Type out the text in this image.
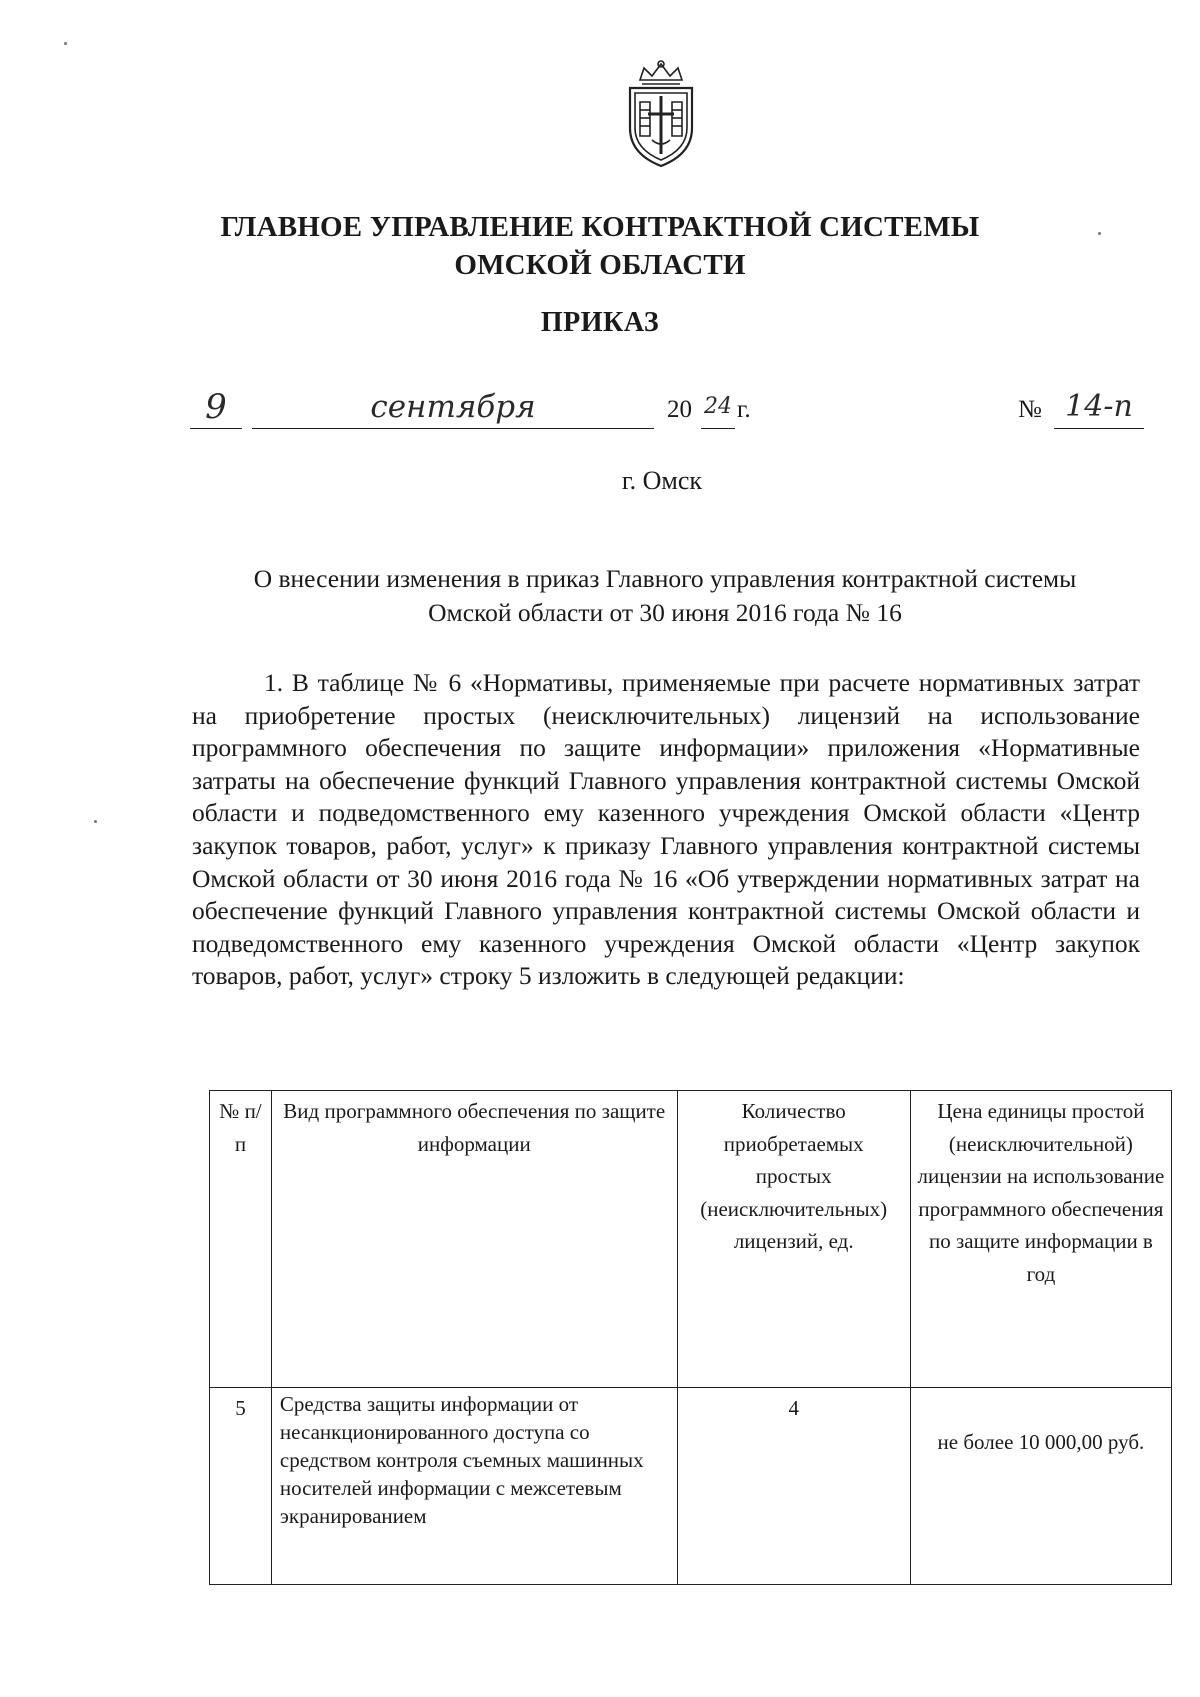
ГЛАВНОЕ УПРАВЛЕНИЕ КОНТРАКТНОЙ СИСТЕМЫ
ОМСКОЙ ОБЛАСТИ
ПРИКАЗ
9	сентября	20 24 г.	№ 14-п
г. Омск
О внесении изменения в приказ Главного управления контрактной системы
Омской области от 30 июня 2016 года № 16

1. В таблице № 6 «Нормативы, применяемые при расчете нормативных затрат на приобретение простых (неисключительных) лицензий на использование программного обеспечения по защите информации» приложения «Нормативные затраты на обеспечение функций Главного управления контрактной системы Омской области и подведомственного ему казенного учреждения Омской области «Центр закупок товаров, работ, услуг» к приказу Главного управления контрактной системы Омской области от 30 июня 2016 года № 16 «Об утверждении нормативных затрат на обеспечение функций Главного управления контрактной системы Омской области и подведомственного ему казенного учреждения Омской области «Центр закупок товаров, работ, услуг» строку 5 изложить в следующей редакции:

№ п/п	Вид программного обеспечения по защите информации	Количество приобретаемых простых (неисключительных) лицензий, ед.	Цена единицы простой (неисключительной) лицензии на использование программного обеспечения по защите информации в год
5	Средства защиты информации от несанкционированного доступа со средством контроля съемных машинных носителей информации с межсетевым экранированием	4	не более 10 000,00 руб.
